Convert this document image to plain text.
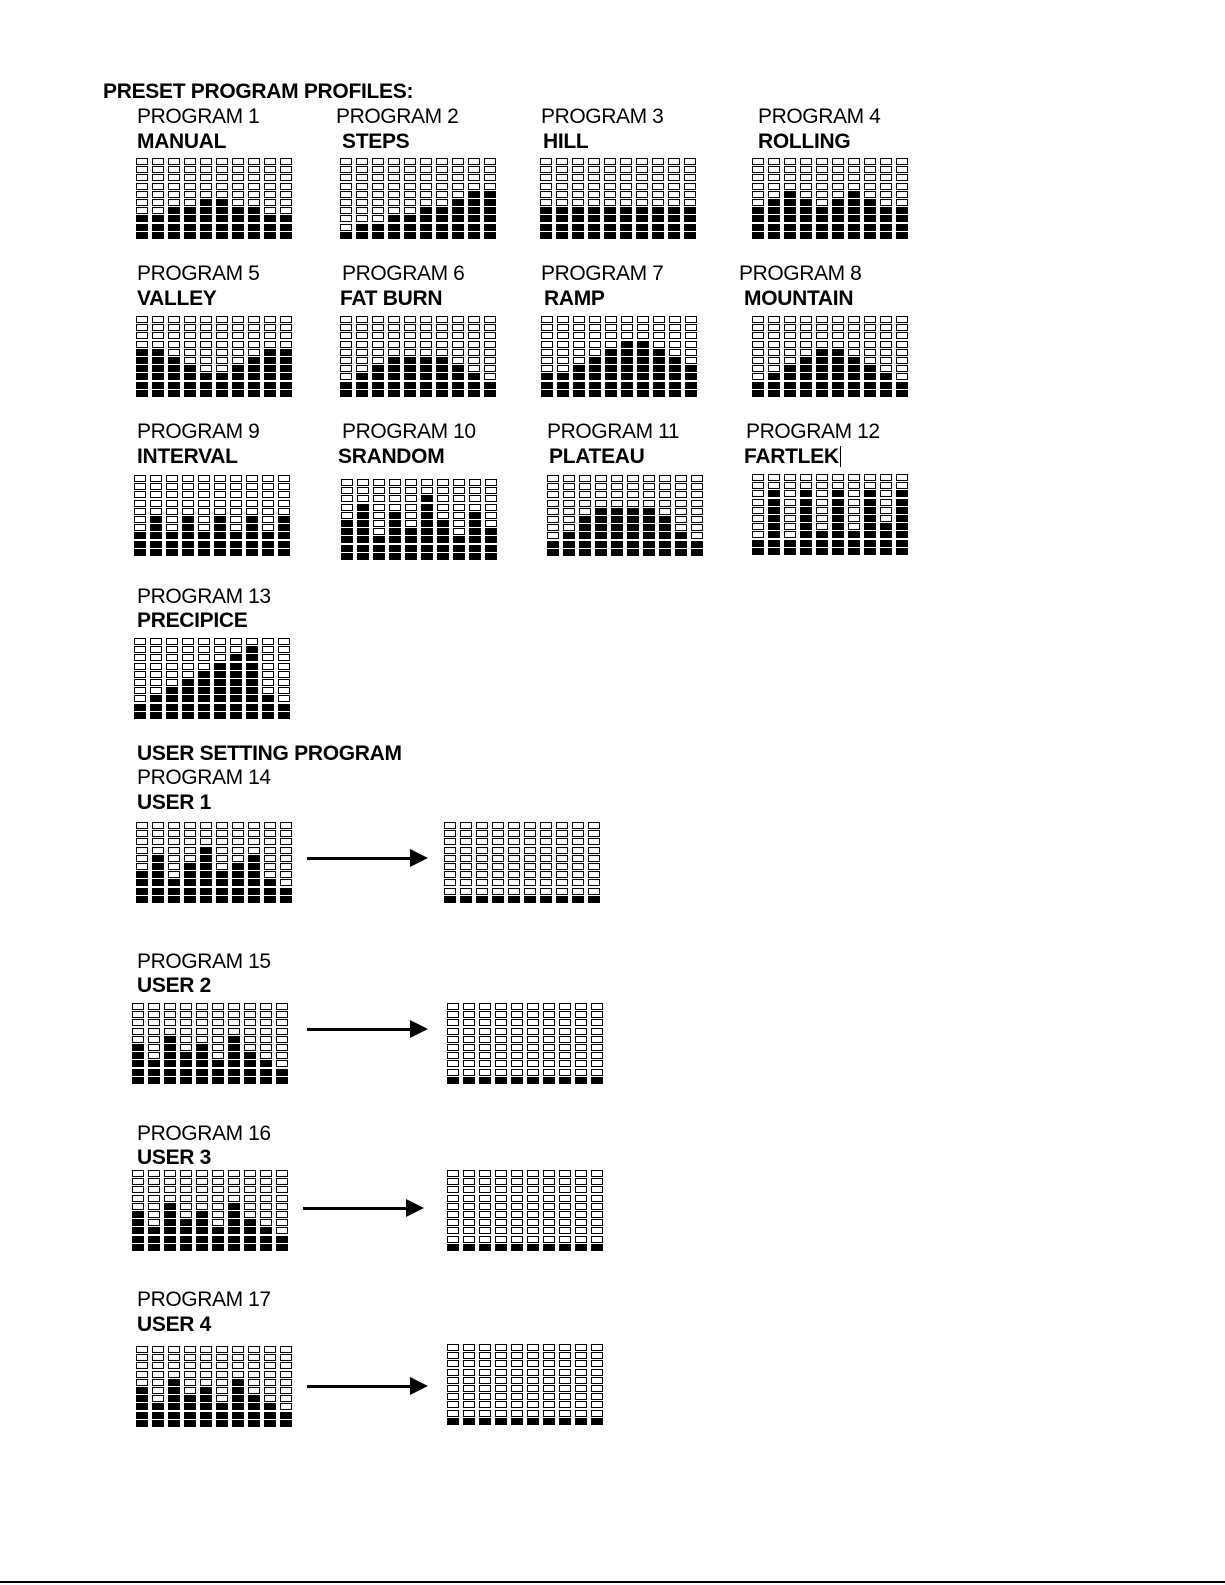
PRESET PROGRAM PROFILES:
PROGRAM 1
MANUAL
PROGRAM 2
STEPS
PROGRAM 3
HILL
PROGRAM 4
ROLLING
PROGRAM 5
VALLEY
PROGRAM 6
FAT BURN
PROGRAM 7
RAMP
PROGRAM 8
MOUNTAIN
PROGRAM 9
INTERVAL
PROGRAM 10
SRANDOM
PROGRAM 11
PLATEAU
PROGRAM 12
FARTLEK
PROGRAM 13
PRECIPICE
USER SETTING PROGRAM
PROGRAM 14
USER 1
PROGRAM 15
USER 2
PROGRAM 16
USER 3
PROGRAM 17
USER 4
